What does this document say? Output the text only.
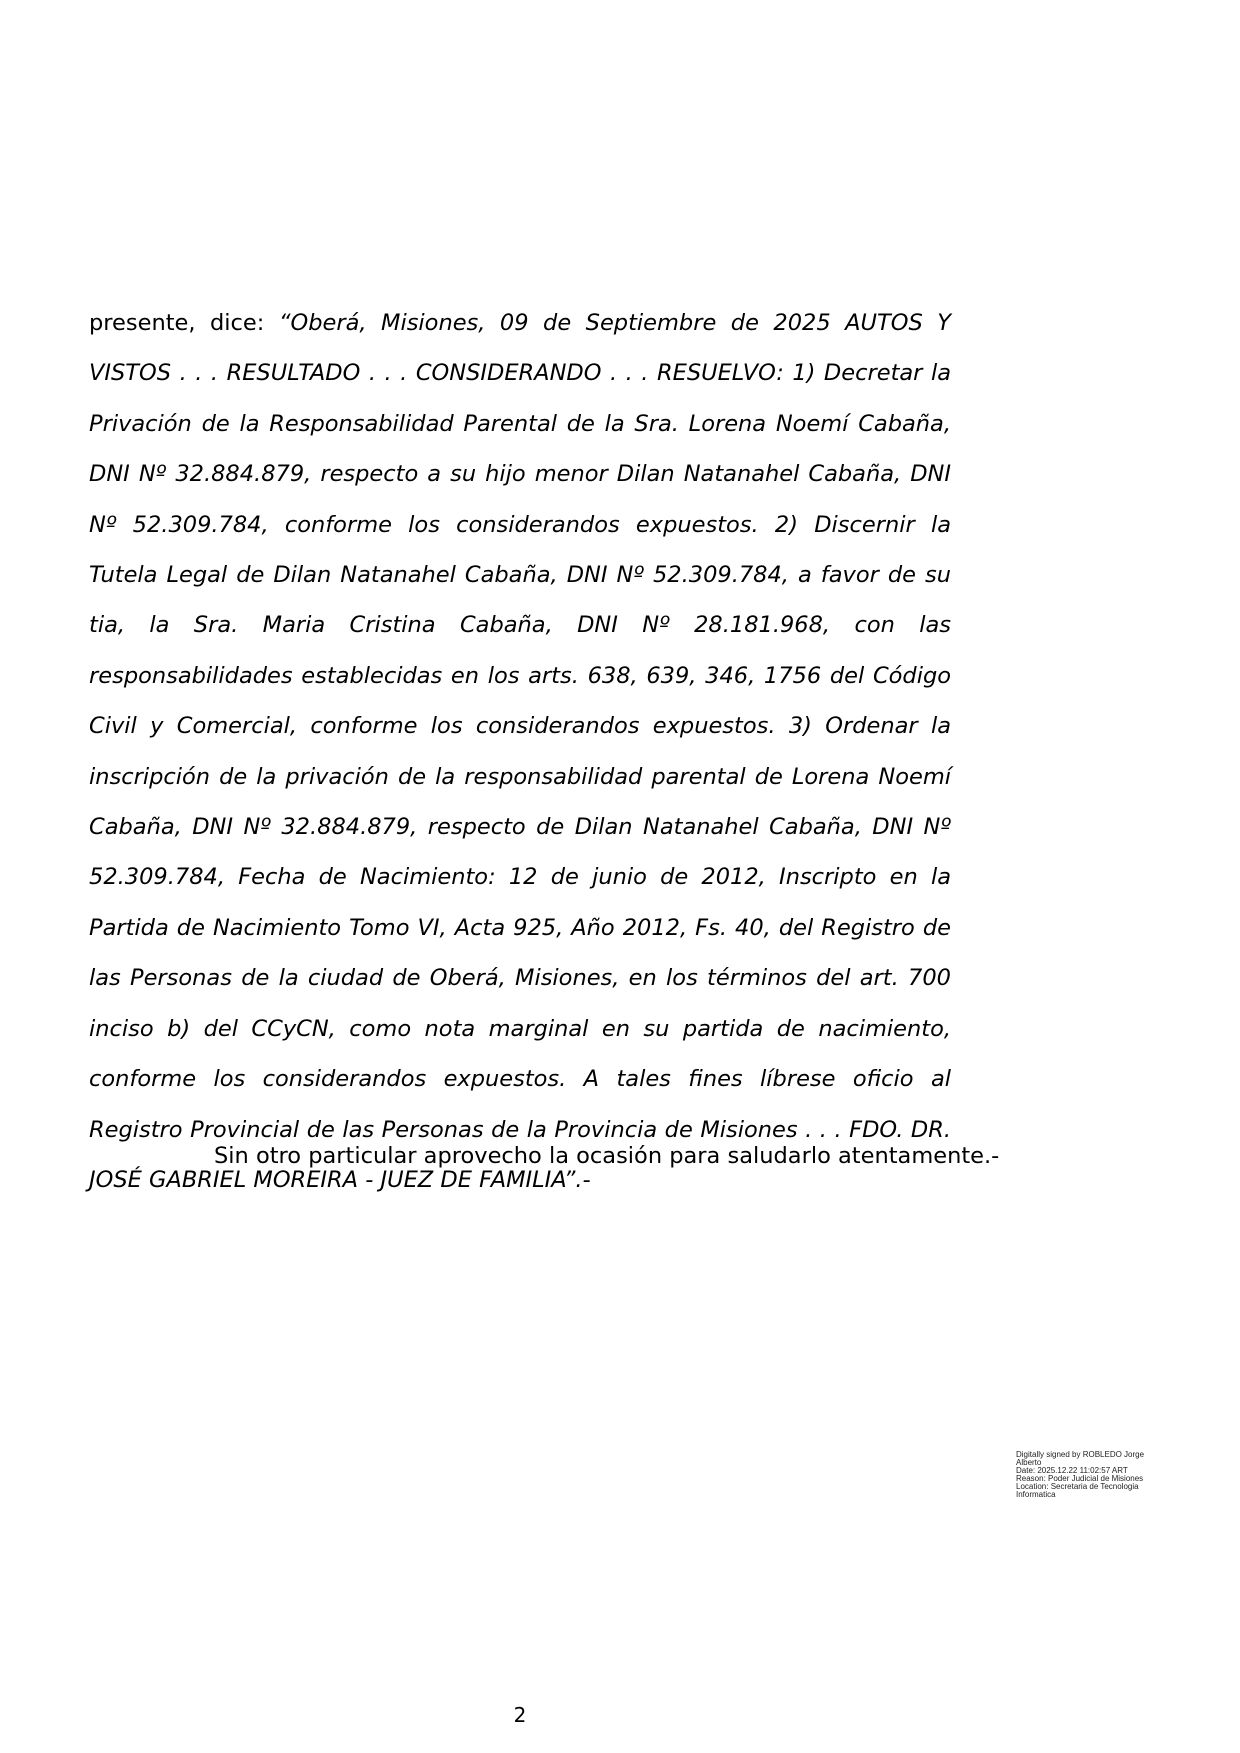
presente, dice: “Oberá, Misiones, 09 de Septiembre de 2025 AUTOS Y VISTOS . . . RESULTADO . . . CONSIDERANDO . . . RESUELVO: 1) Decretar la Privación de la Responsabilidad Parental de la Sra. Lorena Noemí Cabaña, DNI Nº 32.884.879, respecto a su hijo menor Dilan Natanahel Cabaña, DNI Nº 52.309.784, conforme los considerandos expuestos. 2) Discernir la Tutela Legal de Dilan Natanahel Cabaña, DNI Nº 52.309.784, a favor de su tia, la Sra. Maria Cristina Cabaña, DNI Nº 28.181.968, con las responsabilidades establecidas en los arts. 638, 639, 346, 1756 del Código Civil y Comercial, conforme los considerandos expuestos. 3) Ordenar la inscripción de la privación de la responsabilidad parental de Lorena Noemí Cabaña, DNI Nº 32.884.879, respecto de Dilan Natanahel Cabaña, DNI Nº 52.309.784, Fecha de Nacimiento: 12 de junio de 2012, Inscripto en la Partida de Nacimiento Tomo VI, Acta 925, Año 2012, Fs. 40, del Registro de las Personas de la ciudad de Oberá, Misiones, en los términos del art. 700 inciso b) del CCyCN, como nota marginal en su partida de nacimiento, conforme los considerandos expuestos. A tales fines líbrese oficio al Registro Provincial de las Personas de la Provincia de Misiones . . . FDO. DR. JOSÉ GABRIEL MOREIRA - JUEZ DE FAMILIA”.-

Sin otro particular aprovecho la ocasión para saludarlo atentamente.-
Digitally signed by ROBLEDO Jorge Alberto
Date: 2025.12.22 11:02:57 ART
Reason: Poder Judicial de Misiones
Location: Secretaria de Tecnologia Informatica
2
